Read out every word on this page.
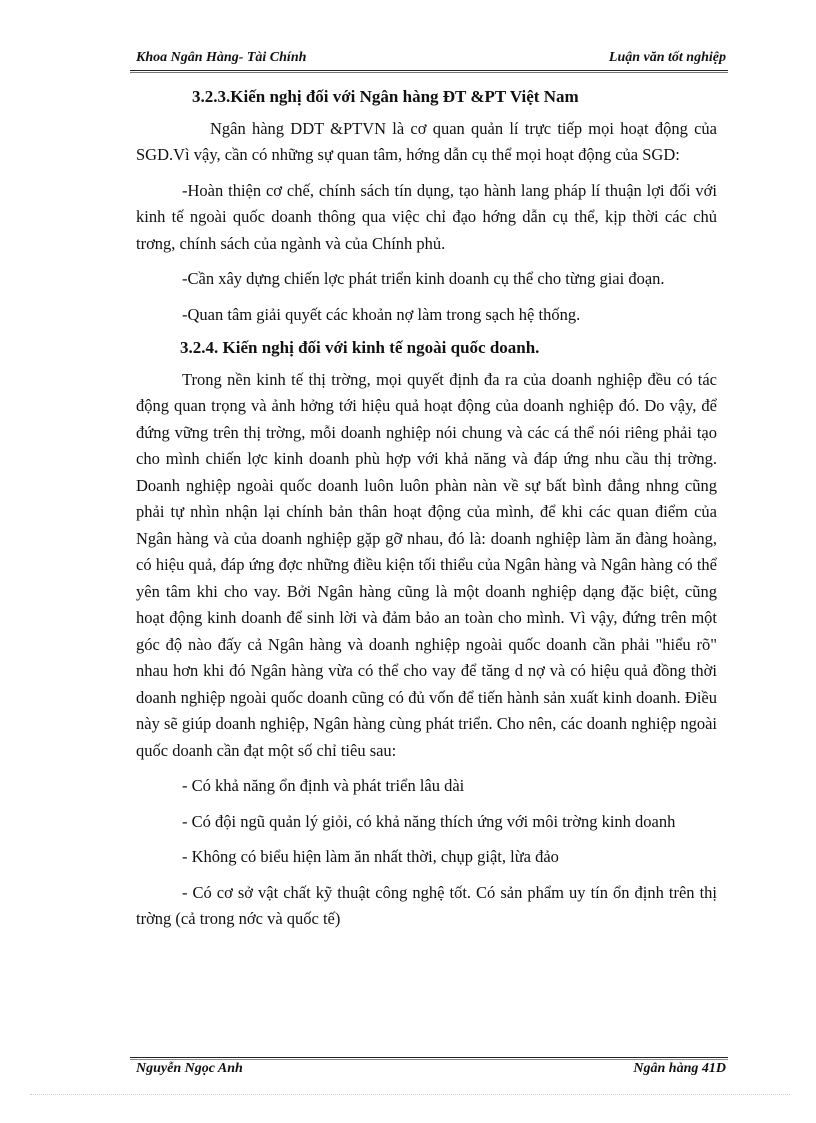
Khoa Ngân Hàng- Tài Chính	Luận văn tốt nghiệp

3.2.3.Kiến nghị đối với Ngân hàng ĐT &PT Việt Nam

Ngân hàng DDT &PTVN là cơ quan quản lí trực tiếp mọi hoạt động của SGD.Vì vậy, cần có những sự quan tâm, hớng dẫn cụ thể mọi hoạt động của SGD:

-Hoàn thiện cơ chế, chính sách tín dụng, tạo hành lang pháp lí thuận lợi đối với kinh tế ngoài quốc doanh thông qua việc chỉ đạo hớng dẫn cụ thể, kịp thời các chủ trơng, chính sách của ngành và của Chính phủ.

-Cần xây dựng chiến lợc phát triển kinh doanh cụ thể cho từng giai đoạn.

-Quan tâm giải quyết các khoản nợ làm trong sạch hệ thống.

3.2.4. Kiến nghị đối với kinh tế ngoài quốc doanh.

Trong nền kinh tế thị trờng, mọi quyết định đa ra của doanh nghiệp đều có tác động quan trọng và ảnh hởng tới hiệu quả hoạt động của doanh nghiệp đó. Do vậy, để đứng vững trên thị trờng, mỗi doanh nghiệp nói chung và các cá thể nói riêng phải tạo cho mình chiến lợc kinh doanh phù hợp với khả năng và đáp ứng nhu cầu thị trờng. Doanh nghiệp ngoài quốc doanh luôn luôn phàn nàn về sự bất bình đẳng nhng cũng phải tự nhìn nhận lại chính bản thân hoạt động của mình, để khi các quan điểm của Ngân hàng và của doanh nghiệp gặp gỡ nhau, đó là: doanh nghiệp làm ăn đàng hoàng, có hiệu quả, đáp ứng đợc những điều kiện tối thiểu của Ngân hàng và Ngân hàng có thể yên tâm khi cho vay. Bởi Ngân hàng cũng là một doanh nghiệp dạng đặc biệt, cũng hoạt động kinh doanh để sinh lời và đảm bảo an toàn cho mình. Vì vậy, đứng trên một góc độ nào đấy cả Ngân hàng và doanh nghiệp ngoài quốc doanh cần phải "hiểu rõ" nhau hơn khi đó Ngân hàng vừa có thể cho vay để tăng d nợ và có hiệu quả đồng thời doanh nghiệp ngoài quốc doanh cũng có đủ vốn để tiến hành sản xuất kinh doanh. Điều này sẽ giúp doanh nghiệp, Ngân hàng cùng phát triển. Cho nên, các doanh nghiệp ngoài quốc doanh cần đạt một số chỉ tiêu sau:

- Có khả năng ổn định và phát triển lâu dài

- Có đội ngũ quản lý giỏi, có khả năng thích ứng với môi trờng kinh doanh

- Không có biểu hiện làm ăn nhất thời, chụp giật, lừa đảo

- Có cơ sở vật chất kỹ thuật công nghệ tốt. Có sản phẩm uy tín ổn định trên thị trờng (cả trong nớc và quốc tế)

Nguyễn Ngọc Anh	Ngân hàng 41D
